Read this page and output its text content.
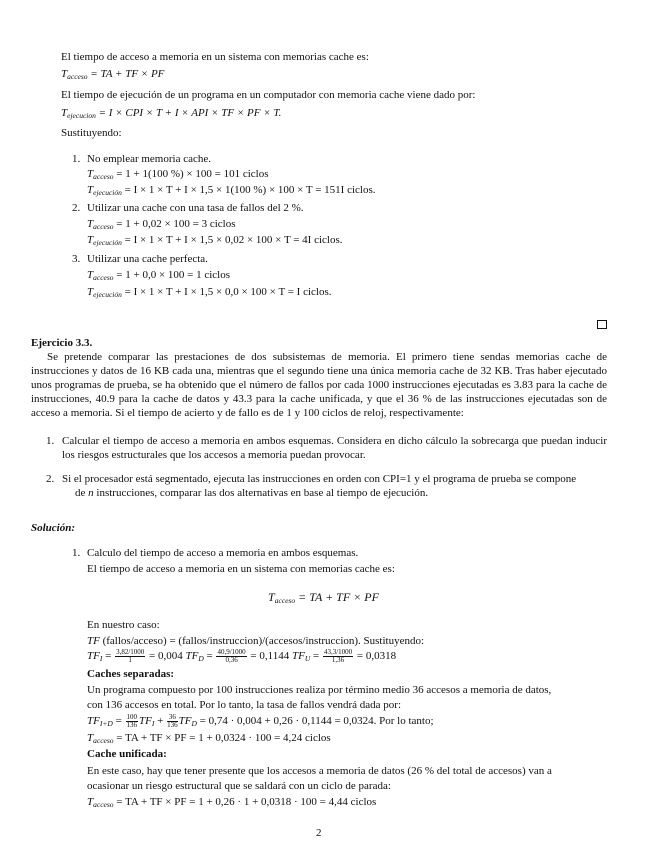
El tiempo de acceso a memoria en un sistema con memorias cache es:
$T_{acceso}$ = TA + TF × PF
El tiempo de ejecución de un programa en un computador con memoria cache viene dado por:
$T_{ejecucion} = I$ × CPI × T + I × API × TF × PF × T.
Sustituyendo:
1. No emplear memoria cache.
$T_{acceso} = 1 + 1(100$ %) × 100 = 101 ciclos
$T_{ejecución} = I \times 1 \times T + I \times 1,5 \times 1(100$ %) × 100 × T = 151I ciclos.
2. Utilizar una cache con una tasa de fallos del 2 %.
$T_{acceso} = 1 + 0,02 \times 100 = 3$ ciclos
$T_{ejecución} = I \times 1 \times T + I \times 1,5 \times 0,02 \times 100 \times T = 4I$ ciclos.
3. Utilizar una cache perfecta.
$T_{acceso} = 1 + 0,0 \times 100 = 1$ ciclos
$T_{ejecución} = I \times 1 \times T + I \times 1,5 \times 0,0 \times 100 \times T = I$ ciclos.
Ejercicio 3.3.
Se pretende comparar las prestaciones de dos subsistemas de memoria. El primero tiene sendas memorias cache de instrucciones y datos de 16 KB cada una, mientras que el segundo tiene una única memoria cache de 32 KB. Tras haber ejecutado unos programas de prueba, se ha obtenido que el número de fallos por cada 1000 instrucciones ejecutadas es 3.83 para la cache de instrucciones, 40.9 para la cache de datos y 43.3 para la cache unificada, y que el 36 % de las instrucciones ejecutadas son de acceso a memoria. Si el tiempo de acierto y de fallo es de 1 y 100 ciclos de reloj, respectivamente:
1. Calcular el tiempo de acceso a memoria en ambos esquemas. Considera en dicho cálculo la sobrecarga que puedan inducir los riesgos estructurales que los accesos a memoria puedan provocar.
2. Si el procesador está segmentado, ejecuta las instrucciones en orden con CPI=1 y el programa de prueba se compone
de n instrucciones, comparar las dos alternativas en base al tiempo de ejecución.
Solución:
1. Calculo del tiempo de acceso a memoria en ambos esquemas.
El tiempo de acceso a memoria en un sistema con memorias cache es:
$T_{acceso}$ = TA + TF × PF
En nuestro caso:
TF (fallos/acceso) = (fallos/instruccion)/(accesos/instruccion). Sustituyendo:
$TF_I = \frac{3,82/1000}{1} = 0,004$ $TF_D = \frac{40,9/1000}{0,36} = 0,1144$ $TF_U = \frac{43,3/1000}{1,36} = 0,0318$
Caches separadas:
Un programa compuesto por 100 instrucciones realiza por término medio 36 accesos a memoria de datos,
con 136 accesos en total. Por lo tanto, la tasa de fallos vendrá dada por:
$TF_{I+D} = \frac{100}{136} TF_I + \frac{36}{136} TF_D = 0,74 \cdot 0,004 + 0,26 \cdot 0,1144 = 0,0324$. Por lo tanto;
$T_{acceso}$ = TA + TF × PF = 1 + 0,0324 · 100 = 4,24 ciclos
Cache unificada:
En este caso, hay que tener presente que los accesos a memoria de datos (26 % del total de accesos) van a
ocasionar un riesgo estructural que se saldará con un ciclo de parada:
$T_{acceso}$ = TA + TF × PF = 1 + 0,26 · 1 + 0,0318 · 100 = 4,44 ciclos
2
